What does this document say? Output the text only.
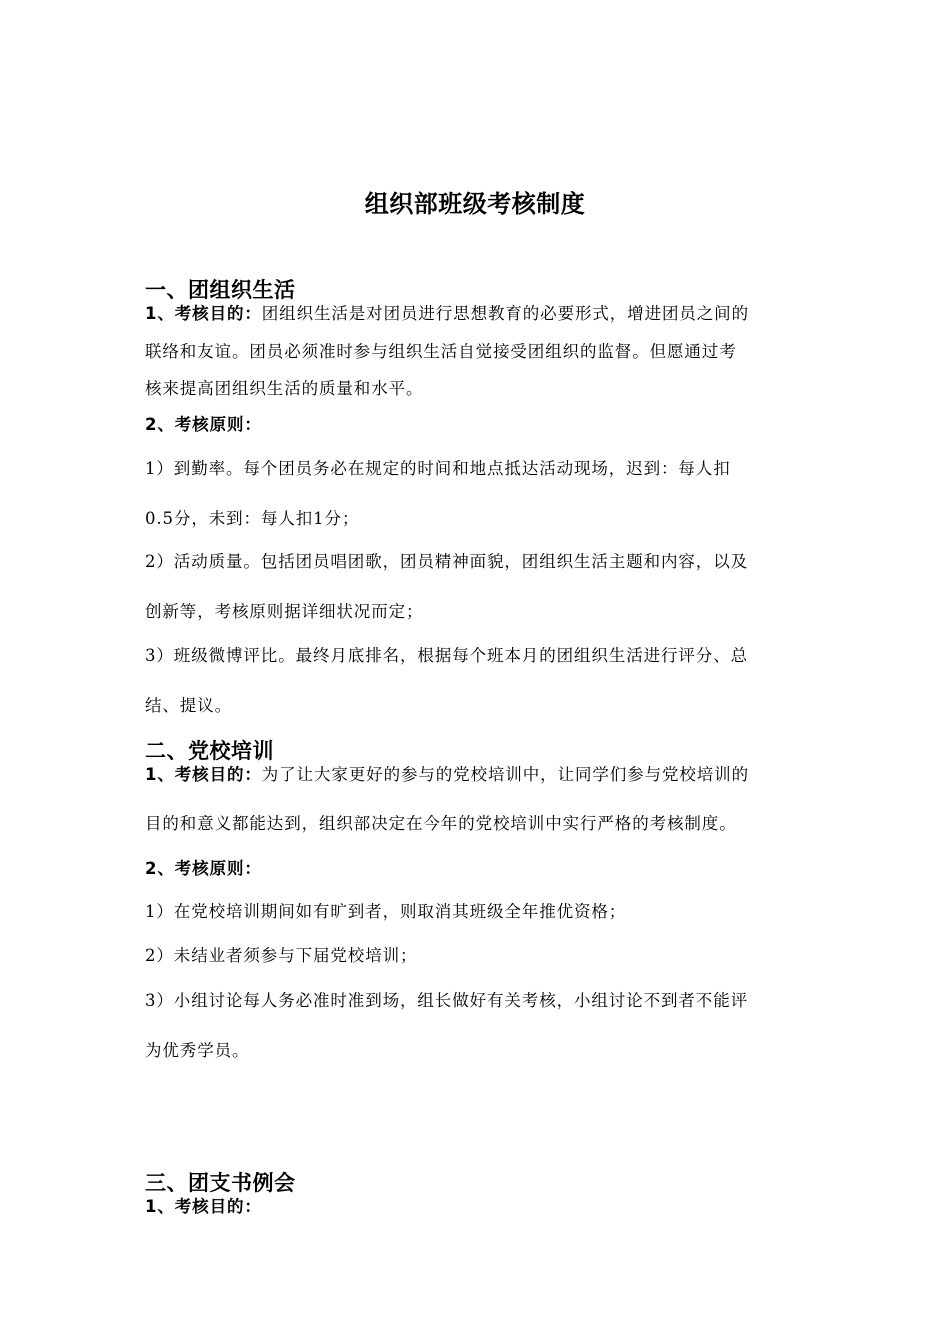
组织部班级考核制度
一、团组织生活
1、考核目的：团组织生活是对团员进行思想教育的必要形式，增进团员之间的
联络和友谊。团员必须准时参与组织生活自觉接受团组织的监督。但愿通过考
核来提高团组织生活的质量和水平。
2、考核原则：
1）到勤率。每个团员务必在规定的时间和地点抵达活动现场，迟到：每人扣
0.5分，未到：每人扣1分；
2）活动质量。包括团员唱团歌，团员精神面貌，团组织生活主题和内容，以及
创新等，考核原则据详细状况而定；
3）班级微博评比。最终月底排名，根据每个班本月的团组织生活进行评分、总
结、提议。
二、党校培训
1、考核目的：为了让大家更好的参与的党校培训中，让同学们参与党校培训的
目的和意义都能达到，组织部决定在今年的党校培训中实行严格的考核制度。
2、考核原则：
1）在党校培训期间如有旷到者，则取消其班级全年推优资格；
2）未结业者须参与下届党校培训；
3）小组讨论每人务必准时准到场，组长做好有关考核，小组讨论不到者不能评
为优秀学员。
三、团支书例会
1、考核目的：
